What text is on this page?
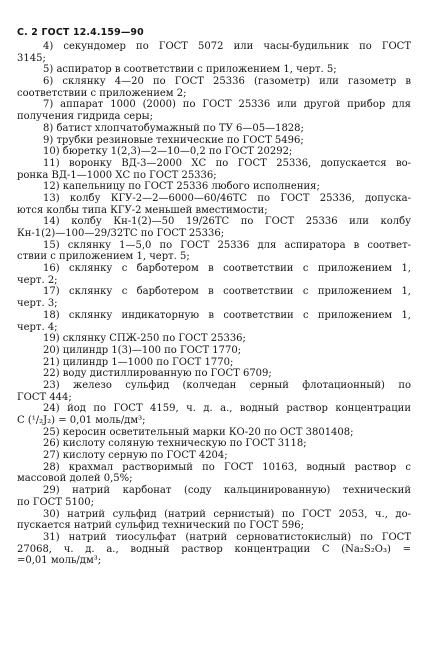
С. 2 ГОСТ 12.4.159—90
4) секундомер по ГОСТ 5072 или часы-будильник по ГОСТ
3145;
5) аспиратор в соответствии с приложением 1, черт. 5;
6) склянку 4—20 по ГОСТ 25336 (газометр) или газометр в
соответствии с приложением 2;
7) аппарат 1000 (2000) по ГОСТ 25336 или другой прибор для
получения гидрида серы;
8) батист хлопчатобумажный по ТУ 6—05—1828;
9) трубки резиновые технические по ГОСТ 5496;
10) бюретку 1(2,3)—2—10—0,2 по ГОСТ 20292;
11) воронку ВД-3—2000 ХС по ГОСТ 25336, допускается во-
ронка ВД-1—1000 ХС по ГОСТ 25336;
12) капельницу по ГОСТ 25336 любого исполнения;
13) колбу КГУ-2—2—6000—60/46ТС по ГОСТ 25336, допуска-
ются колбы типа КГУ-2 меньшей вместимости;
14) колбу Кн-1(2)—50 19/26ТС по ГОСТ 25336 или колбу
Кн-1(2)—100—29/32ТС по ГОСТ 25336;
15) склянку 1—5,0 по ГОСТ 25336 для аспиратора в соответ-
ствии с приложением 1, черт. 5;
16) склянку с барботером в соответствии с приложением 1,
черт. 2;
17) склянку с барботером в соответствии с приложением 1,
черт. 3;
18) склянку индикаторную в соответствии с приложением 1,
черт. 4;
19) склянку СПЖ-250 по ГОСТ 25336;
20) цилиндр 1(3)—100 по ГОСТ 1770;
21) цилиндр 1—1000 по ГОСТ 1770;
22) воду дистиллированную по ГОСТ 6709;
23) железо сульфид (колчедан серный флотационный) по
ГОСТ 444;
24) йод по ГОСТ 4159, ч. д. а., водный раствор концентрации
С (¹/₂J₂) = 0,01 моль/дм³;
25) керосин осветительный марки КО-20 по ОСТ 3801408;
26) кислоту соляную техническую по ГОСТ 3118;
27) кислоту серную по ГОСТ 4204;
28) крахмал растворимый по ГОСТ 10163, водный раствор с
массовой долей 0,5%;
29) натрий карбонат (соду кальцинированную) технический
по ГОСТ 5100;
30) натрий сульфид (натрий сернистый) по ГОСТ 2053, ч., до-
пускается натрий сульфид технический по ГОСТ 596;
31) натрий тиосульфат (натрий серноватистокислый) по ГОСТ
27068, ч. д. а., водный раствор концентрации С (Na₂S₂O₃) =
=0,01 моль/дм³;
